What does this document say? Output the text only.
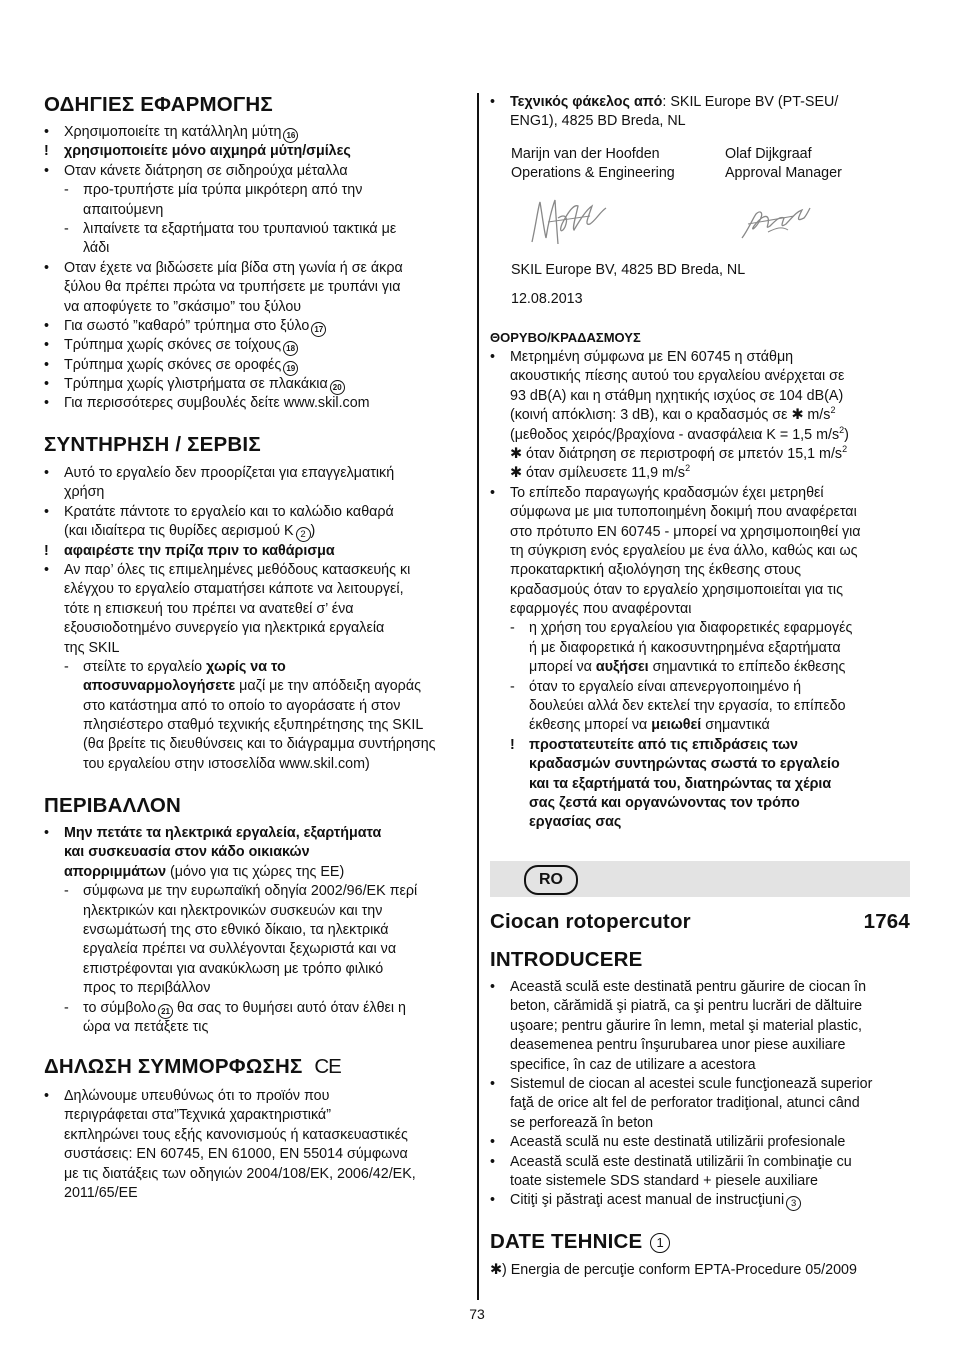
ΟΔΗΓΙΕΣ ΕΦΑΡΜΟΓΗΣ
• Χρησιμοποιείτε τη κατάλληλη μύτη 16
! χρησιμοποιείτε μόνο αιχμηρά μύτη/σμίλες
• Οταν κάνετε διάτρηση σε σιδηρούχα μέταλλα
- προ-τρυπήστε μία τρύπα μικρότερη από την
απαιτούμενη
- λιπαίνετε τα εξαρτήματα του τρυπανιού τακτικά με
λάδι
• Οταν έχετε να βιδώσετε μία βίδα στη γωνία ή σε άκρα
ξύλου θα πρέπει πρώτα να τρυπήσετε με τρυπάνι για
να αποφύγετε το ”σκάσιμο” του ξύλου
• Για σωστό ”καθαρό” τρύπημα στο ξύλο 17
• Τρύπημα χωρίς σκόνες σε τοίχους 18
• Τρύπημα χωρίς σκόνες σε οροφές 19
• Τρύπημα χωρίς γλιστρήματα σε πλακάκια 20
• Για περισσότερες συμβουλές δείτε www.skil.com
ΣΥΝΤΗΡΗΣΗ / ΣΕΡΒΙΣ
• Αυτό το εργαλείο δεν προορίζεται για επαγγελματική
χρήση
• Κρατάτε πάντοτε το εργαλείο και το καλώδιο καθαρά
(και ιδιαίτερα τις θυρίδες αερισμού K 2 )
! αφαιρέστε την πρίζα πριν το καθάρισμα
• Αν παρ’ όλες τις επιμελημένες μεθόδους κατασκευής κι
ελέγχου το εργαλείο σταματήσει κάποτε να λειτουργεί,
τότε η επισκευή του πρέπει να ανατεθεί σ’ ένα
εξουσιοδοτημένο συνεργείο για ηλεκτρικά εργαλεία
της SKIL
- στείλτε το εργαλείο χωρίς να το
αποσυναρμολογήσετε μαζί με την απόδειξη αγοράς
στο κατάστημα από το οποίο το αγοράσατε ή στον
πλησιέστερο σταθμό τεχνικής εξυπηρέτησης της SKIL
(θα βρείτε τις διευθύνσεις και το διάγραμμα συντήρησης
του εργαλείου στην ιστοσελίδα www.skil.com)
ΠΕΡΙΒΑΛΛΟΝ
• Μην πετάτε τα ηλεκτρικά εργαλεία, εξαρτήματα
και συσκευασία στον κάδο οικιακών
απορριμμάτων (μόνο για τις χώρες της ΕΕ)
- σύμφωνα με την ευρωπαϊκή οδηγία 2002/96/ΕΚ περί
ηλεκτρικών και ηλεκτρονικών συσκευών και την
ενσωμάτωσή της στο εθνικό δίκαιο, τα ηλεκτρικά
εργαλεία πρέπει να συλλέγονται ξεχωριστά και να
επιστρέφονται για ανακύκλωση με τρόπο φιλικό
προς το περιβάλλον
- το σύμβολο 21 θα σας το θυμήσει αυτό όταν έλθει η
ώρα να πετάξετε τις
ΔΗΛΩΣΗ ΣΥΜΜΟΡΦΩΣΗΣ CE
• Δηλώνουμε υπευθύνως ότι το προϊόν που
περιγράφεται στα”Τεχνικά χαρακτηριστικά”
εκπληρώνει τους εξής κανονισμούς ή κατασκευαστικές
συστάσεις: EN 60745, EN 61000, EN 55014 σύμφωνα
με τις διατάξεις των οδηγιών 2004/108/ΕΚ, 2006/42/ΕΚ,
2011/65/ΕΕ
• Τεχνικός φάκελος από: SKIL Europe BV (PT-SEU/
ENG1), 4825 BD Breda, NL
Marijn van der Hoofden
Operations & Engineering
Olaf Dijkgraaf
Approval Manager
SKIL Europe BV, 4825 BD Breda, NL
12.08.2013
ΘΟΡΥΒΟ/ΚΡΑΔΑΣΜΟΥΣ
• Μετρημένη σύμφωνα με EN 60745 η στάθμη
ακουστικής πίεσης αυτού του εργαλείου ανέρχεται σε
93 dB(A) και η στάθμη ηχητικής ισχύος σε 104 dB(A)
(κοινή απόκλιση: 3 dB), και ο κραδασμός σε ✱ $m/s^2$
(μεθοδος χειρός/βραχίονα - ανασφάλεια K = 1,5 $m/s^2$)
✱ όταν διάτρηση σε περιστροφή σε μπετόν 15,1 $m/s^2$
✱ όταν σμίλευσετε 11,9 $m/s^2$
• Το επίπεδο παραγωγής κραδασμών έχει μετρηθεί
σύμφωνα με μια τυποποιημένη δοκιμή που αναφέρεται
στο πρότυπο EN 60745 - μπορεί να χρησιμοποιηθεί για
τη σύγκριση ενός εργαλείου με ένα άλλο, καθώς και ως
προκαταρκτική αξιολόγηση της έκθεσης στους
κραδασμούς όταν το εργαλείο χρησιμοποιείται για τις
εφαρμογές που αναφέρονται
- η χρήση του εργαλείου για διαφορετικές εφαρμογές
ή με διαφορετικά ή κακοσυντηρημένα εξαρτήματα
μπορεί να αυξήσει σημαντικά το επίπεδο έκθεσης
- όταν το εργαλείο είναι απενεργοποιημένο ή
δουλεύει αλλά δεν εκτελεί την εργασία, το επίπεδο
έκθεσης μπορεί να μειωθεί σημαντικά
! προστατευτείτε από τις επιδράσεις των
κραδασμών συντηρώντας σωστά το εργαλείο
και τα εξαρτήματά του, διατηρώντας τα χέρια
σας ζεστά και οργανώνοντας τον τρόπο
εργασίας σας
RO
Ciocan rotopercutor	1764
INTRODUCERE
• Această sculă este destinată pentru găurire de ciocan în
beton, cărămidă şi piatră, ca şi pentru lucrări de dăltuire
uşoare; pentru găurire în lemn, metal şi material plastic,
deasemenea pentru înşurubarea unor piese auxiliare
specifice, în caz de utilizare a acestora
• Sistemul de ciocan al acestei scule funcţionează superior
faţă de orice alt fel de perforator tradiţional, atunci când
se perforează în beton
• Această sculă nu este destinată utilizării profesionale
• Această sculă este destinată utilizării în combinaţie cu
toate sistemele SDS standard + piesele auxiliare
• Citiţi şi păstraţi acest manual de instrucţiuni 3
DATE TEHNICE 1
✱) Energia de percuţie conform EPTA-Procedure 05/2009
73
